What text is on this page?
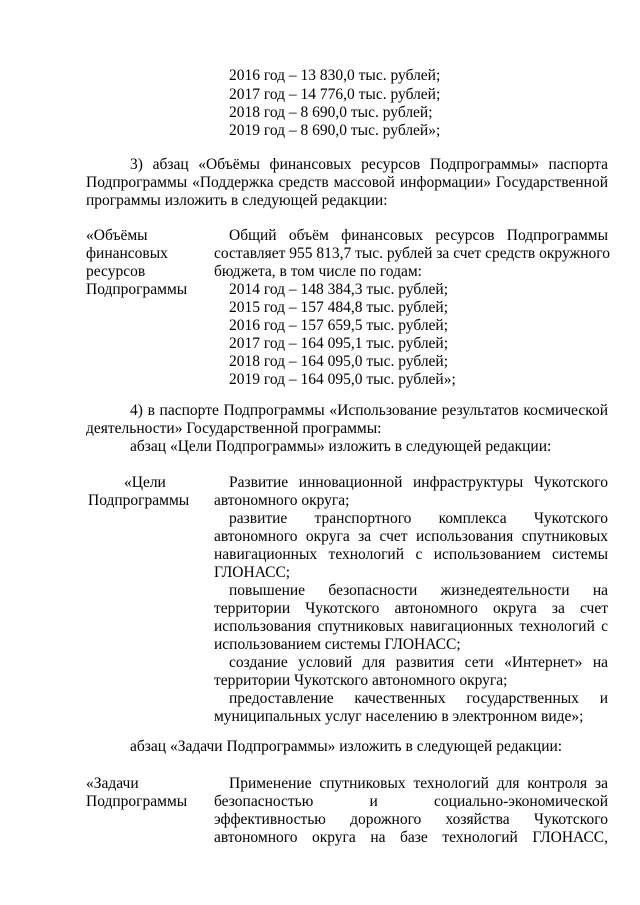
2016 год – 13 830,0 тыс. рублей;
2017 год – 14 776,0 тыс. рублей;
2018 год – 8 690,0 тыс. рублей;
2019 год – 8 690,0 тыс. рублей»;
3) абзац «Объёмы финансовых ресурсов Подпрограммы» паспорта
Подпрограммы «Поддержка средств массовой информации» Государственной
программы изложить в следующей редакции:
«Объёмы
финансовых
ресурсов
Подпрограммы
Общий объём финансовых ресурсов Подпрограммы
составляет 955 813,7 тыс. рублей за счет средств окружного
бюджета, в том числе по годам:
2014 год – 148 384,3 тыс. рублей;
2015 год – 157 484,8 тыс. рублей;
2016 год – 157 659,5 тыс. рублей;
2017 год – 164 095,1 тыс. рублей;
2018 год – 164 095,0 тыс. рублей;
2019 год – 164 095,0 тыс. рублей»;
4) в паспорте Подпрограммы «Использование результатов космической
деятельности» Государственной программы:
абзац «Цели Подпрограммы» изложить в следующей редакции:
«Цели
Подпрограммы
Развитие инновационной инфраструктуры Чукотского
автономного округа;
развитие транспортного комплекса Чукотского
автономного округа за счет использования спутниковых
навигационных технологий с использованием системы
ГЛОНАСС;
повышение безопасности жизнедеятельности на
территории Чукотского автономного округа за счет
использования спутниковых навигационных технологий с
использованием системы ГЛОНАСС;
создание условий для развития сети «Интернет» на
территории Чукотского автономного округа;
предоставление качественных государственных и
муниципальных услуг населению в электронном виде»;
абзац «Задачи Подпрограммы» изложить в следующей редакции:
«Задачи
Подпрограммы
Применение спутниковых технологий для контроля за
безопасностью и социально-экономической
эффективностью дорожного хозяйства Чукотского
автономного округа на базе технологий ГЛОНАСС,
